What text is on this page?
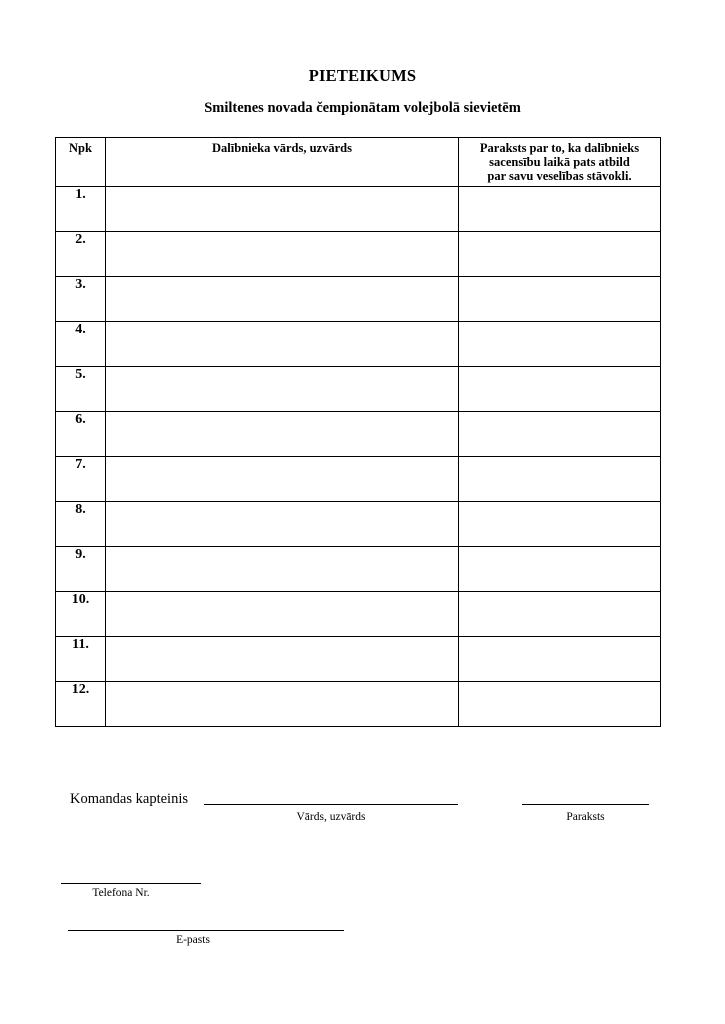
PIETEIKUMS
Smiltenes novada čempionātam volejbolā sievietēm
Npk	Dalībnieka vārds, uzvārds	Paraksts par to, ka dalībnieks
sacensību laikā pats atbild
par savu veselības stāvokli.
1.		
2.		
3.		
4.		
5.		
6.		
7.		
8.		
9.		
10.		
11.		
12.		
Komandas kapteinis
Vārds, uzvārds	Paraksts
Telefona Nr.
E-pasts
